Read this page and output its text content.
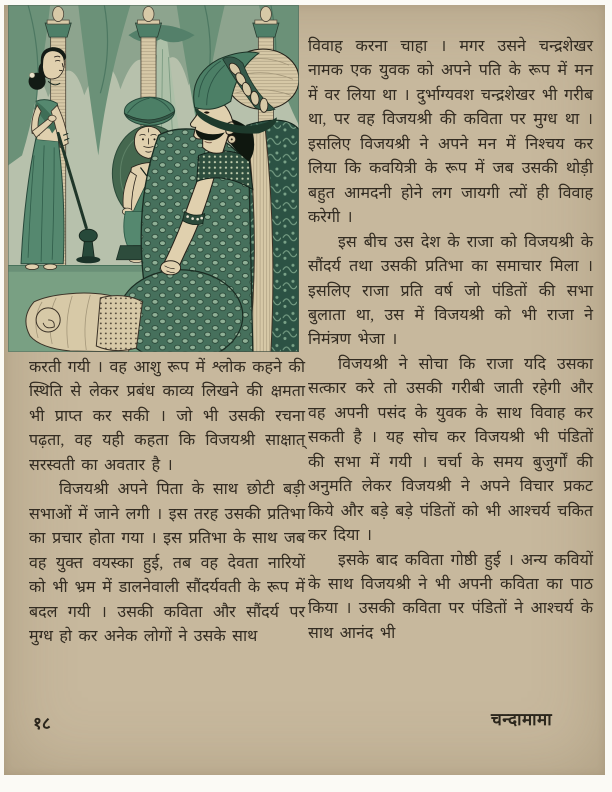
विवाह करना चाहा । मगर उसने चन्द्रशेखर नामक एक युवक को अपने पति के रूप में मन में वर लिया था । दुर्भाग्यवश चन्द्रशेखर भी गरीब था, पर वह विजयश्री की कविता पर मुग्ध था । इसलिए विजयश्री ने अपने मन में निश्चय कर लिया कि कवयित्री के रूप में जब उसकी थोड़ी बहुत आमदनी होने लग जायगी त्यों ही विवाह करेगी ।

इस बीच उस देश के राजा को विजयश्री के सौंदर्य तथा उसकी प्रतिभा का समाचार मिला । इसलिए राजा प्रति वर्ष जो पंडितों की सभा बुलाता था, उस में विजयश्री को भी राजा ने निमंत्रण भेजा ।

विजयश्री ने सोचा कि राजा यदि उसका सत्कार करे तो उसकी गरीबी जाती रहेगी और वह अपनी पसंद के युवक के साथ विवाह कर सकती है । यह सोच कर विजयश्री भी पंडितों की सभा में गयी । चर्चा के समय बुजुर्गों की अनुमति लेकर विजयश्री ने अपने विचार प्रकट किये और बड़े बड़े पंडितों को भी आश्चर्य चकित कर दिया ।

इसके बाद कविता गोष्ठी हुई । अन्य कवियों के साथ विजयश्री ने भी अपनी कविता का पाठ किया । उसकी कविता पर पंडितों ने आश्चर्य के साथ आनंद भी

करती गयी । वह आशु रूप में श्लोक कहने की स्थिति से लेकर प्रबंध काव्य लिखने की क्षमता भी प्राप्त कर सकी । जो भी उसकी रचना पढ़ता, वह यही कहता कि विजयश्री साक्षात् सरस्वती का अवतार है ।

विजयश्री अपने पिता के साथ छोटी बड़ी सभाओं में जाने लगी । इस तरह उसकी प्रतिभा का प्रचार होता गया । इस प्रतिभा के साथ जब वह युक्त वयस्का हुई, तब वह देवता नारियों को भी भ्रम में डालनेवाली सौंदर्यवती के रूप में बदल गयी । उसकी कविता और सौंदर्य पर मुग्ध हो कर अनेक लोगों ने उसके साथ

१८	चन्दामामा
